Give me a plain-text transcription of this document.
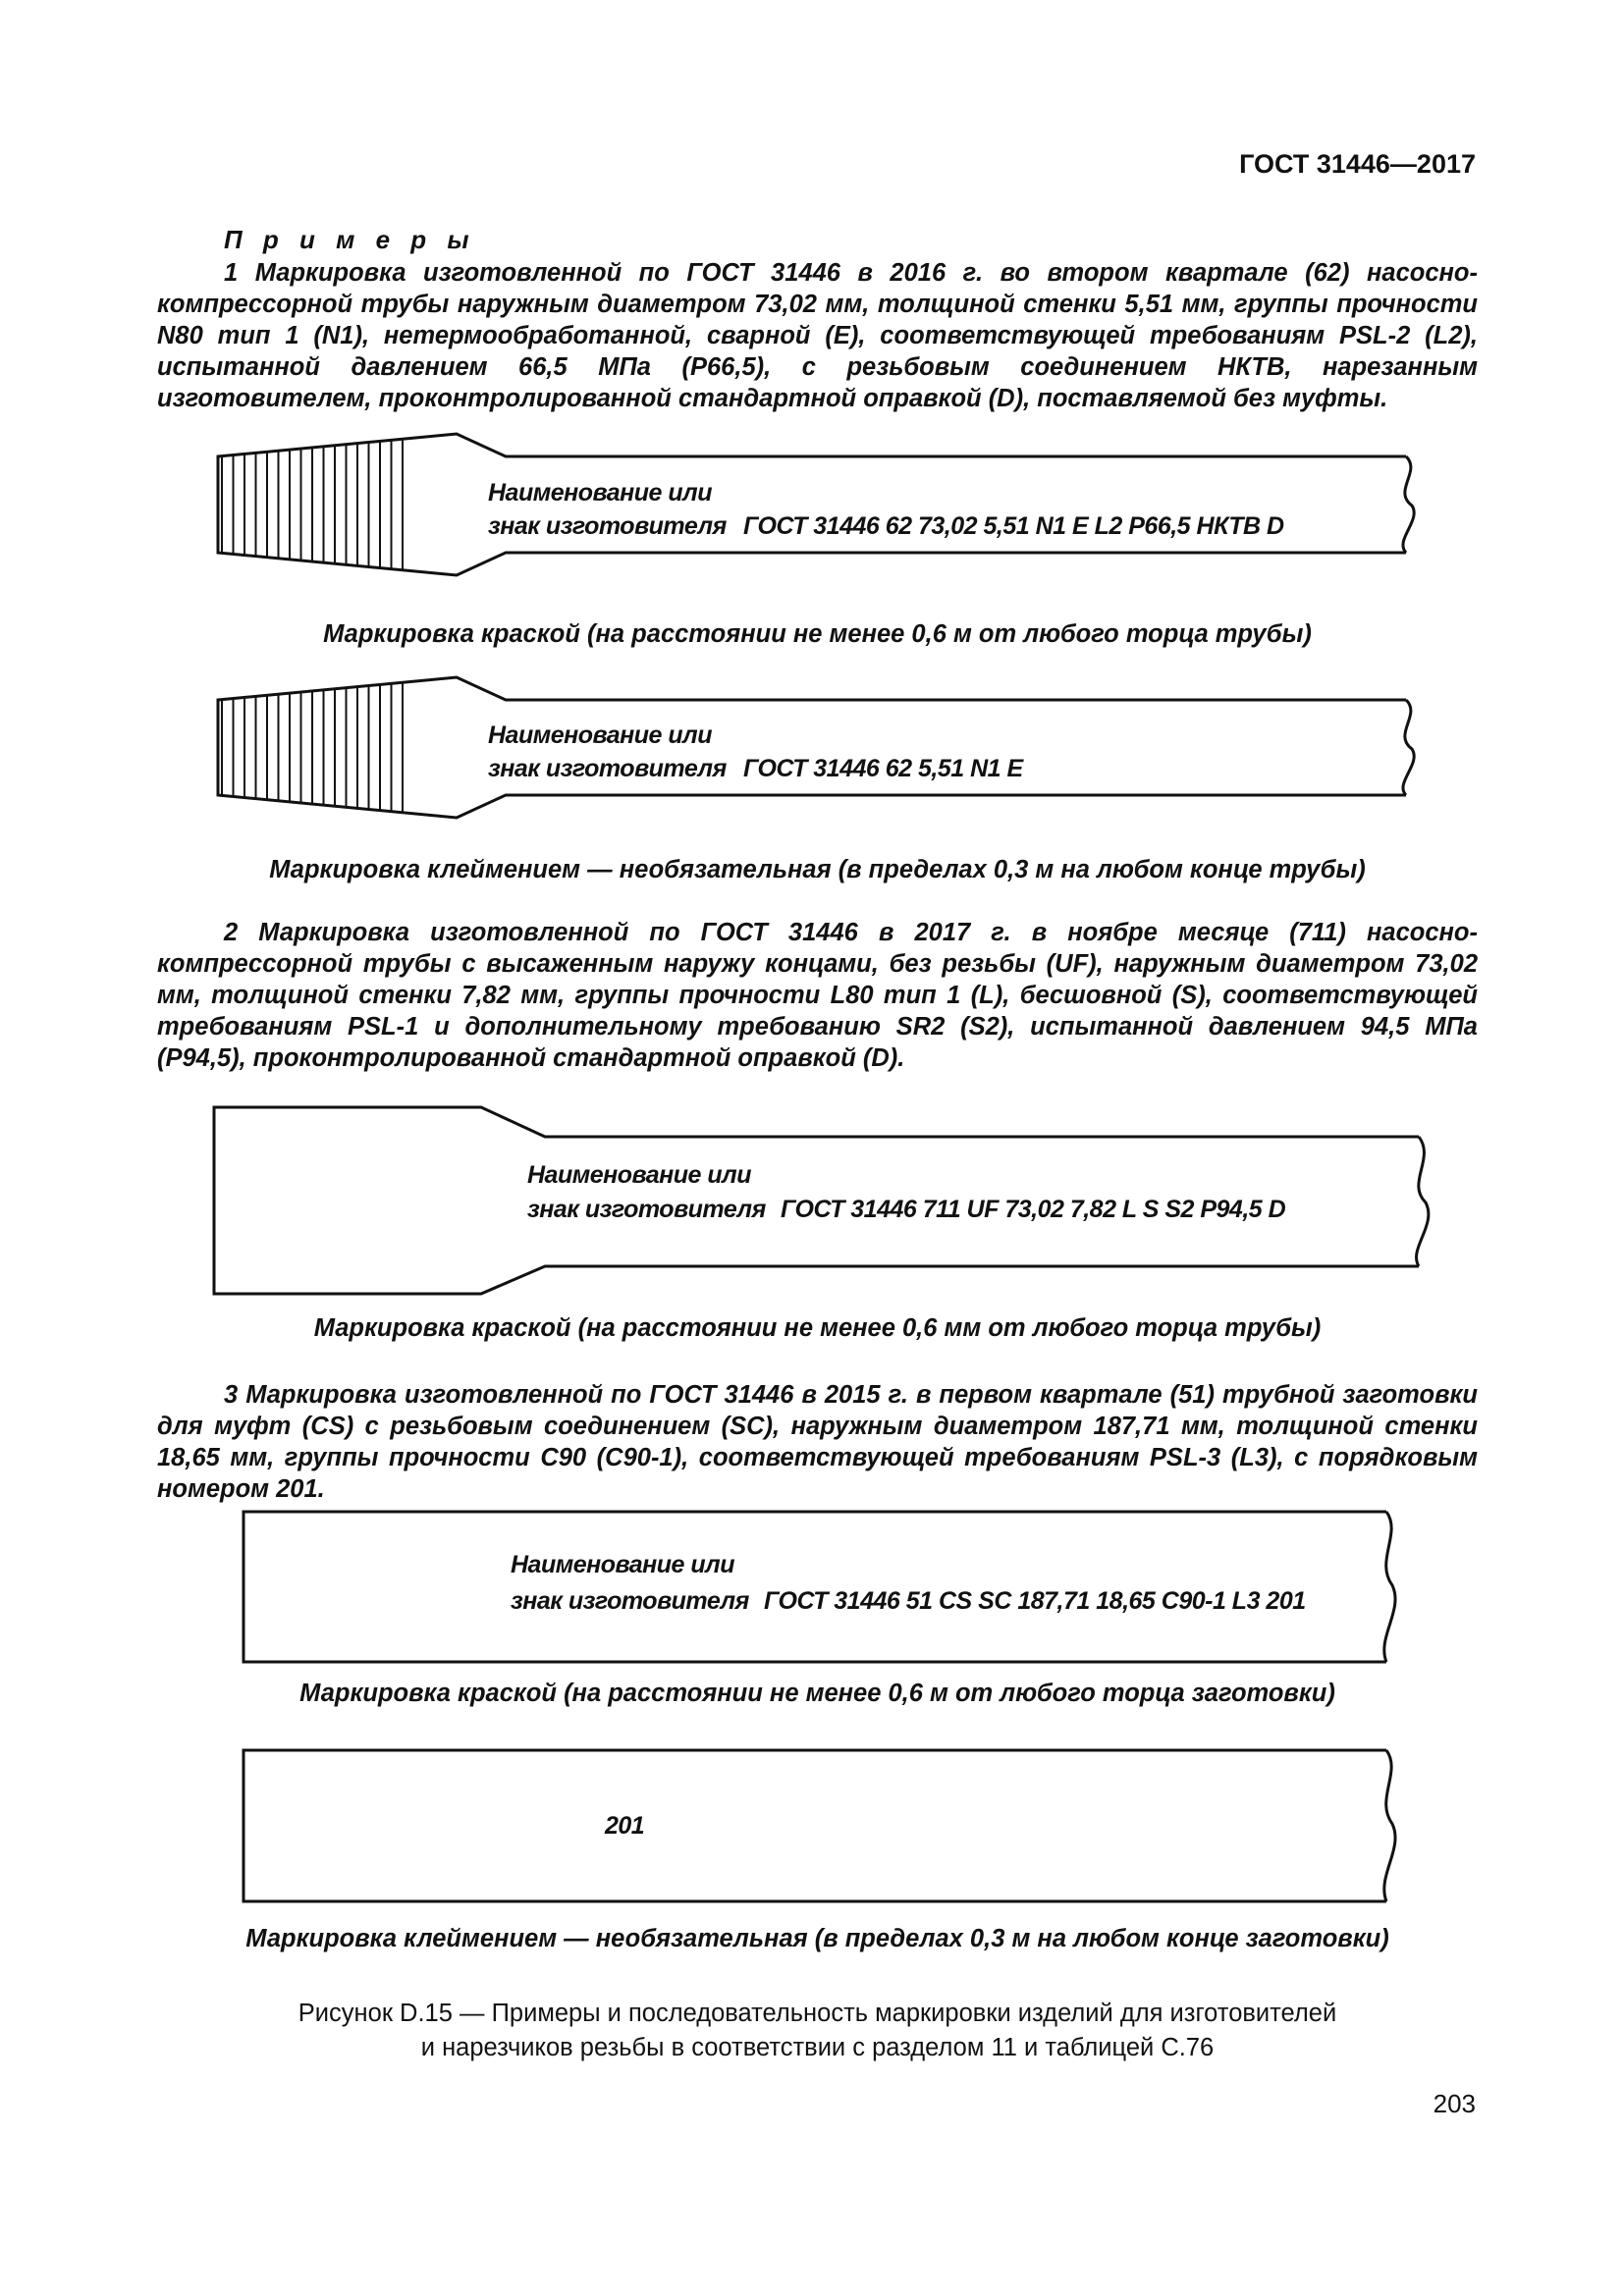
ГОСТ 31446—2017
П р и м е р ы
1 Маркировка изготовленной по ГОСТ 31446 в 2016 г. во втором квартале (62) насосно-компрессорной трубы наружным диаметром 73,02 мм, толщиной стенки 5,51 мм, группы прочности N80 тип 1 (N1), нетермообработанной, сварной (E), соответствующей требованиям PSL-2 (L2), испытанной давлением 66,5 МПа (P66,5), с резьбовым соединением НКТВ, нарезанным изготовителем, проконтролированной стандартной оправкой (D), поставляемой без муфты.
Наименование или
знак изготовителя ГОСТ 31446 62 73,02 5,51 N1 E L2 P66,5 НКТВ D
Наименование или
знак изготовителя ГОСТ 31446 62 5,51 N1 E
Наименование или
знак изготовителя ГОСТ 31446 711 UF 73,02 7,82 L S S2 P94,5 D
Наименование или
знак изготовителя ГОСТ 31446 51 CS SC 187,71 18,65 C90-1 L3 201
201
Маркировка краской (на расстоянии не менее 0,6 м от любого торца трубы)
Маркировка клеймением — необязательная (в пределах 0,3 м на любом конце трубы)
2 Маркировка изготовленной по ГОСТ 31446 в 2017 г. в ноябре месяце (711) насосно-компрессорной трубы с высаженным наружу концами, без резьбы (UF), наружным диаметром 73,02 мм, толщиной стенки 7,82 мм, группы прочности L80 тип 1 (L), бесшовной (S), соответствующей требованиям PSL-1 и дополнительному требованию SR2 (S2), испытанной давлением 94,5 МПа (P94,5), проконтролированной стандартной оправкой (D).
Маркировка краской (на расстоянии не менее 0,6 мм от любого торца трубы)
3 Маркировка изготовленной по ГОСТ 31446 в 2015 г. в первом квартале (51) трубной заготовки для муфт (CS) с резьбовым соединением (SC), наружным диаметром 187,71 мм, толщиной стенки 18,65 мм, группы прочности C90 (C90-1), соответствующей требованиям PSL-3 (L3), с порядковым номером 201.
Маркировка краской (на расстоянии не менее 0,6 м от любого торца заготовки)
Маркировка клеймением — необязательная (в пределах 0,3 м на любом конце заготовки)
Рисунок D.15 — Примеры и последовательность маркировки изделий для изготовителей
и нарезчиков резьбы в соответствии с разделом 11 и таблицей C.76
203
